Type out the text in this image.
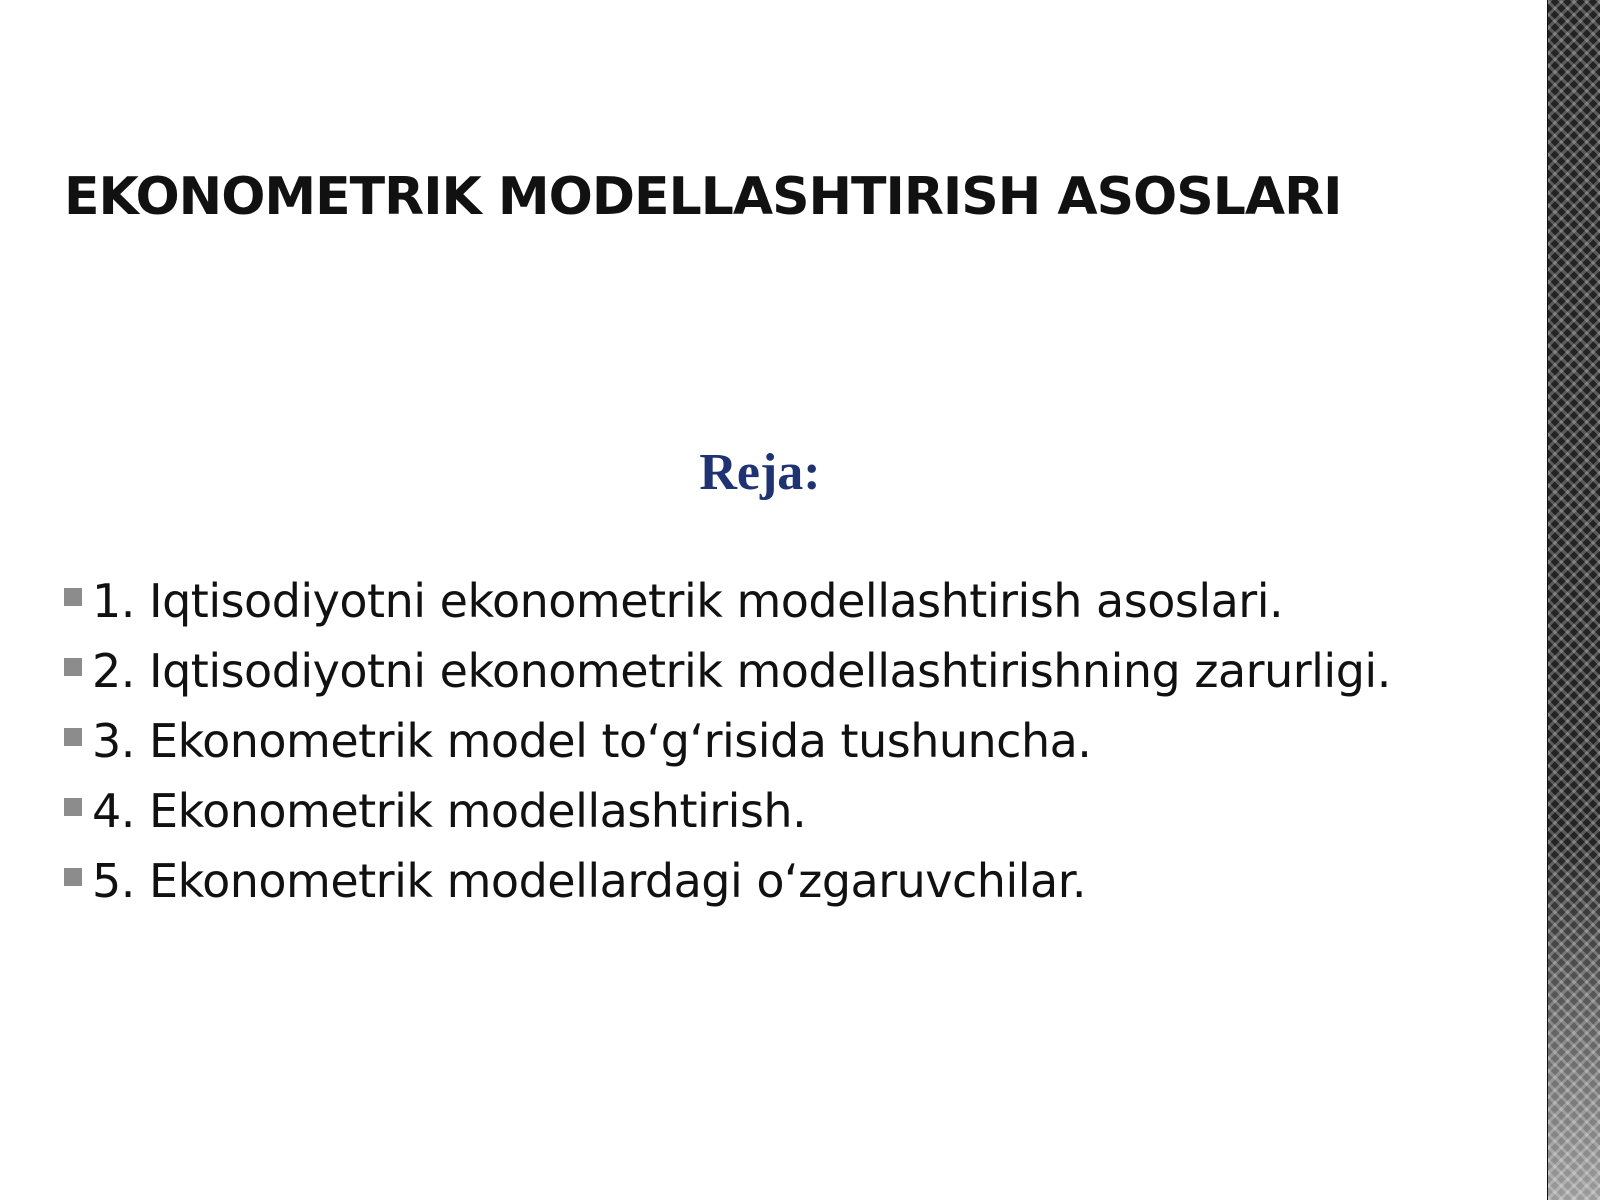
EKONOMETRIK MODELLASHTIRISH ASOSLARI
Reja:
1. Iqtisodiyotni ekonometrik modellashtirish asoslari.
2. Iqtisodiyotni ekonometrik modellashtirishning zarurligi.
3. Ekonometrik model to‘g‘risida tushuncha.
4. Ekonometrik modellashtirish.
5. Ekonometrik modellardagi o‘zgaruvchilar.
